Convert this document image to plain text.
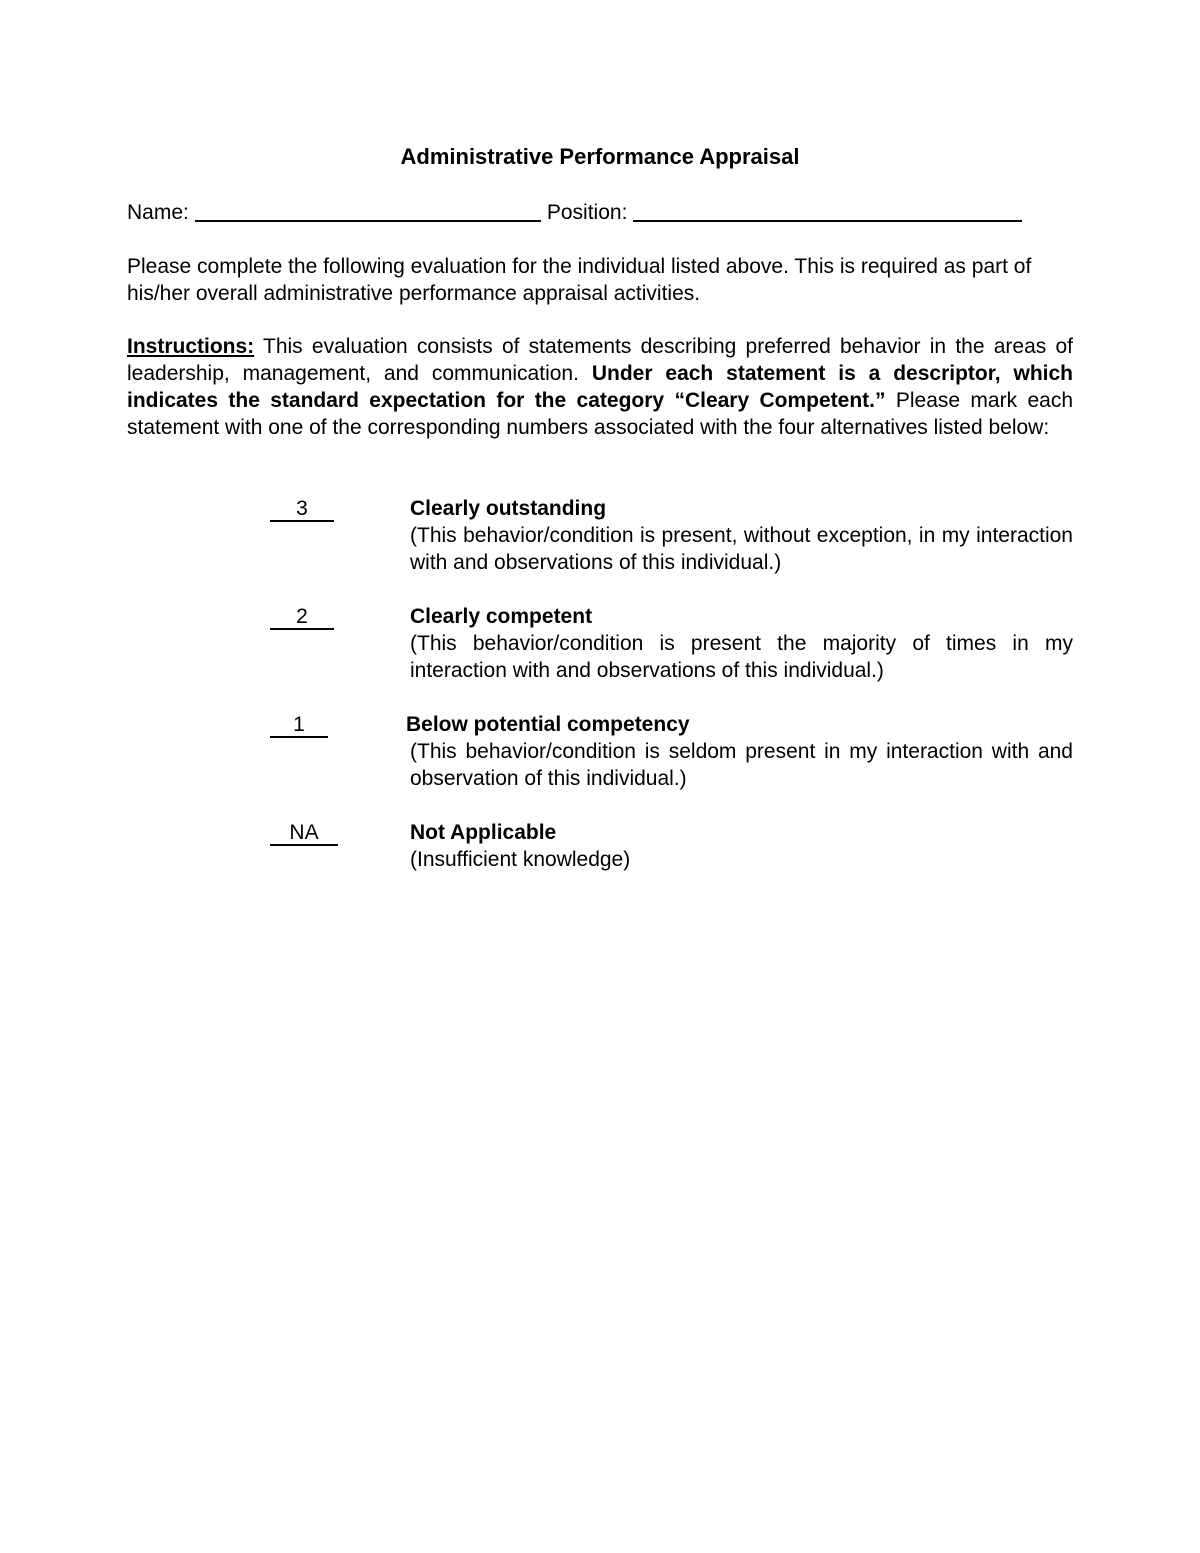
Administrative Performance Appraisal
Name:	Position:
Please complete the following evaluation for the individual listed above. This is required as part of his/her overall administrative performance appraisal activities.
Instructions: This evaluation consists of statements describing preferred behavior in the areas of leadership, management, and communication. Under each statement is a descriptor, which indicates the standard expectation for the category “Cleary Competent.” Please mark each statement with one of the corresponding numbers associated with the four alternatives listed below:
3	Clearly outstanding
(This behavior/condition is present, without exception, in my interaction with and observations of this individual.)
2	Clearly competent
(This behavior/condition is present the majority of times in my interaction with and observations of this individual.)
1	Below potential competency
(This behavior/condition is seldom present in my interaction with and observation of this individual.)
NA	Not Applicable
(Insufficient knowledge)
